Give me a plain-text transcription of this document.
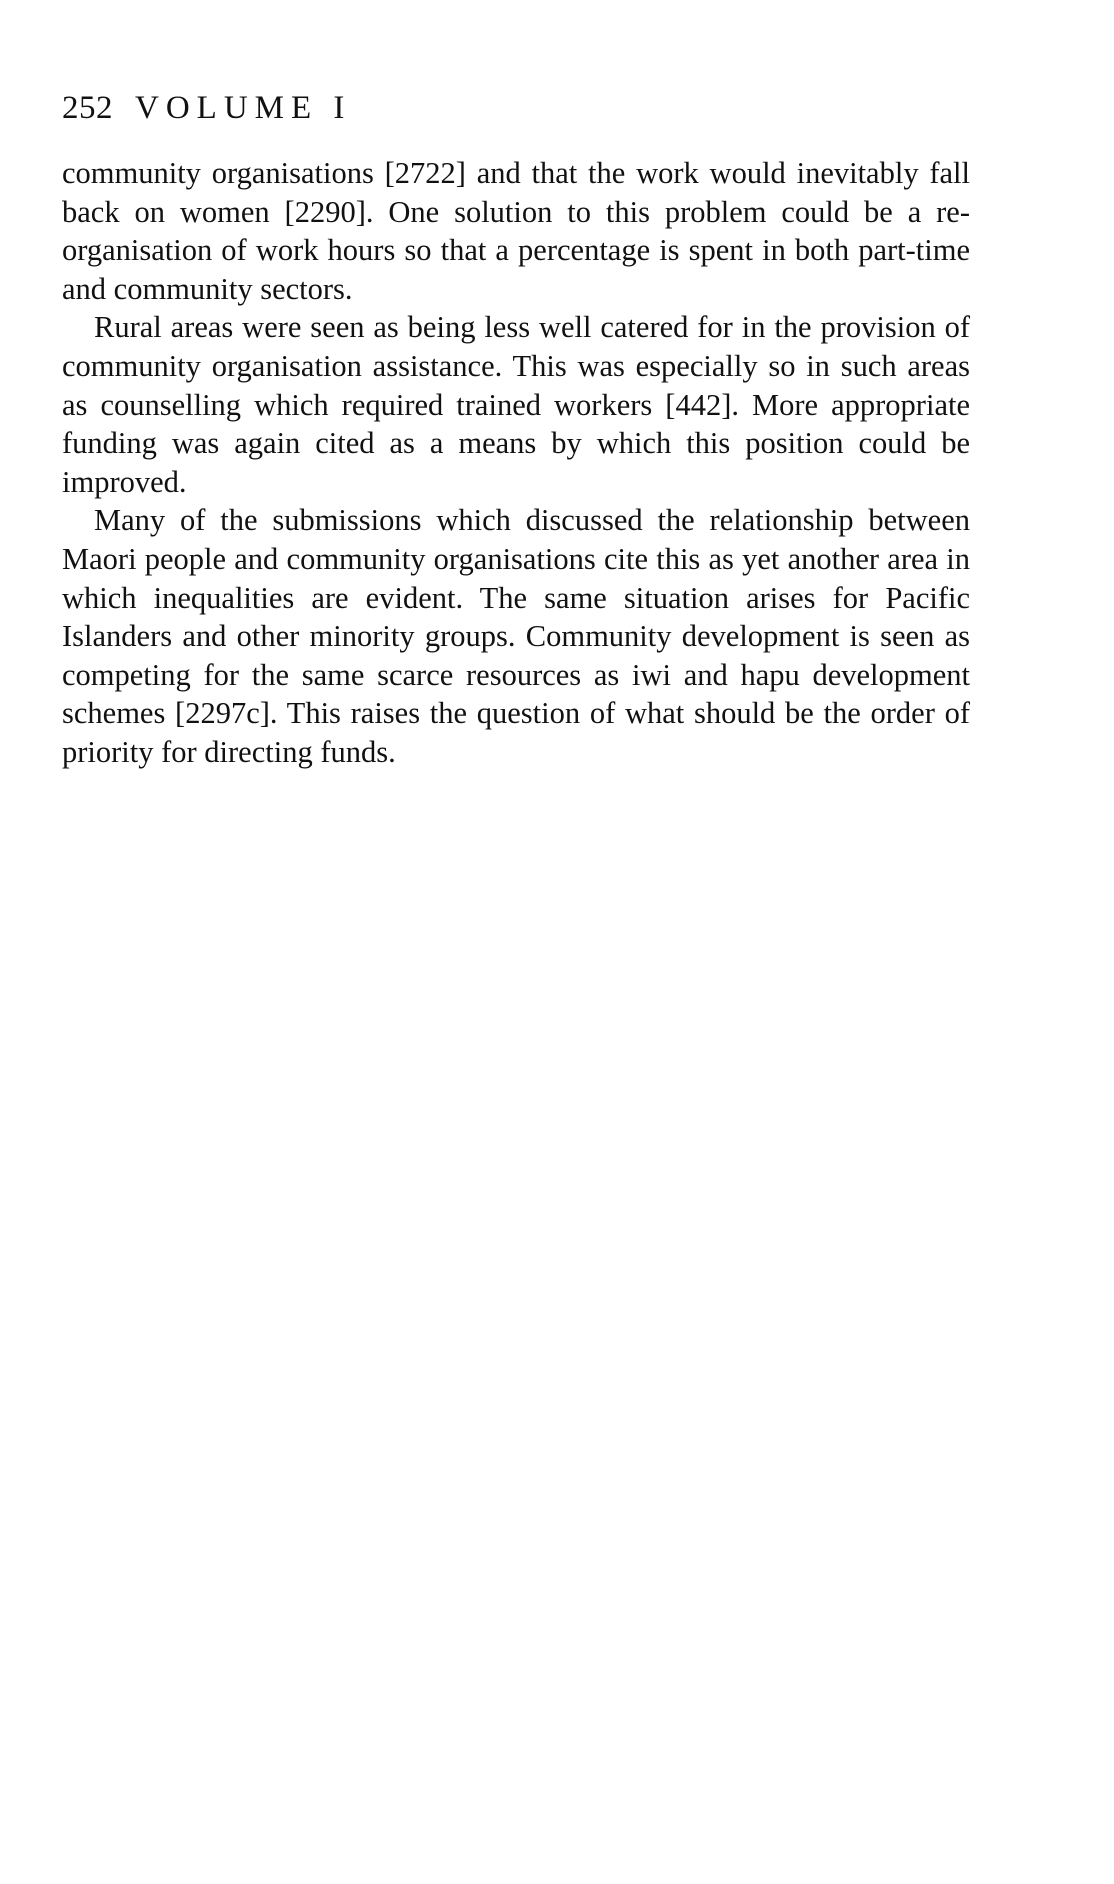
252 VOLUME I

community organisations [2722] and that the work would inevitably fall back on women [2290]. One solution to this problem could be a re-organisation of work hours so that a percentage is spent in both part-time and community sectors.

Rural areas were seen as being less well catered for in the provision of community organisation assistance. This was especially so in such areas as counselling which required trained workers [442]. More appropriate funding was again cited as a means by which this position could be improved.

Many of the submissions which discussed the relationship between Maori people and community organisations cite this as yet another area in which inequalities are evident. The same situation arises for Pacific Islanders and other minority groups. Community development is seen as competing for the same scarce resources as iwi and hapu development schemes [2297c]. This raises the question of what should be the order of priority for directing funds.
